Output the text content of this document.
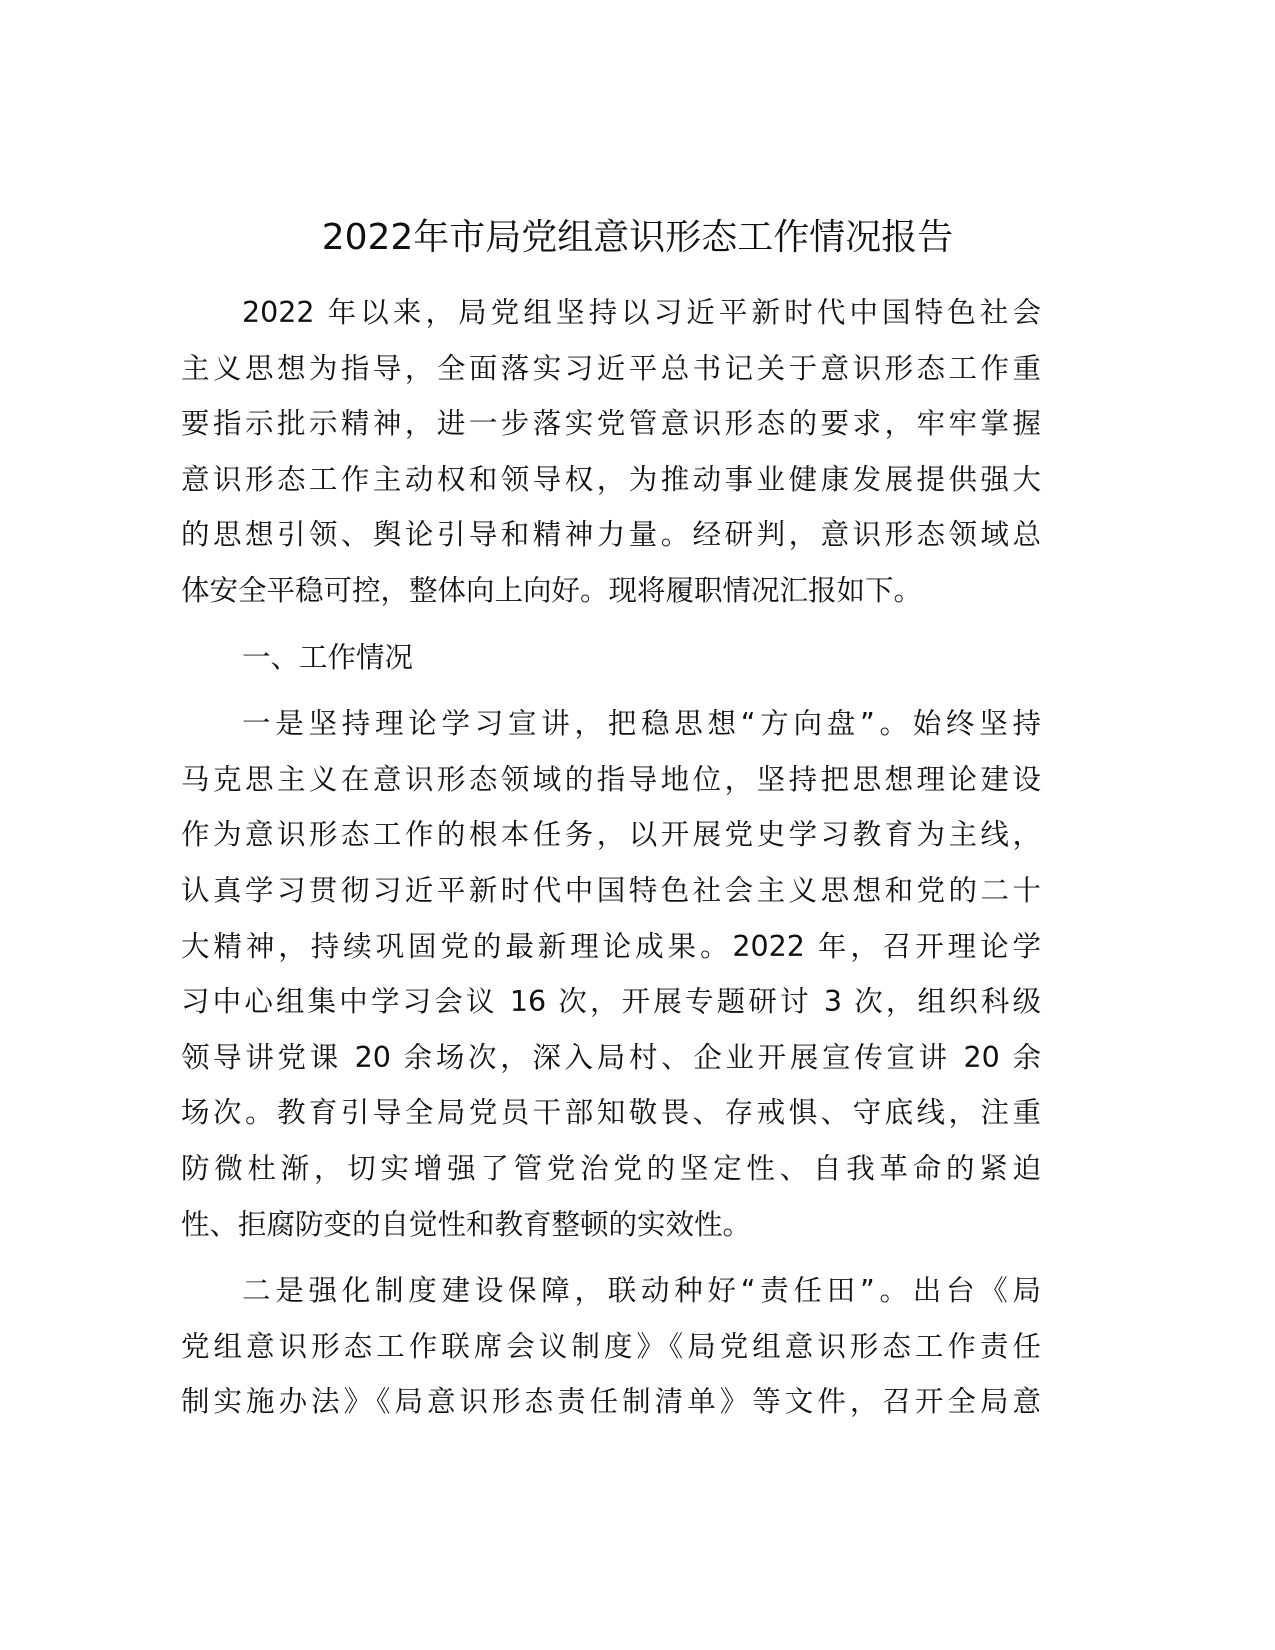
2022年市局党组意识形态工作情况报告
2022 年以来，局党组坚持以习近平新时代中国特色社会
主义思想为指导，全面落实习近平总书记关于意识形态工作重
要指示批示精神，进一步落实党管意识形态的要求，牢牢掌握
意识形态工作主动权和领导权，为推动事业健康发展提供强大
的思想引领、舆论引导和精神力量。经研判，意识形态领域总
体安全平稳可控，整体向上向好。现将履职情况汇报如下。
一、工作情况
一是坚持理论学习宣讲，把稳思想“方向盘”。始终坚持
马克思主义在意识形态领域的指导地位，坚持把思想理论建设
作为意识形态工作的根本任务，以开展党史学习教育为主线，
认真学习贯彻习近平新时代中国特色社会主义思想和党的二十
大精神，持续巩固党的最新理论成果。2022 年，召开理论学
习中心组集中学习会议 16 次，开展专题研讨 3 次，组织科级
领导讲党课 20 余场次，深入局村、企业开展宣传宣讲 20 余
场次。教育引导全局党员干部知敬畏、存戒惧、守底线，注重
防微杜渐，切实增强了管党治党的坚定性、自我革命的紧迫
性、拒腐防变的自觉性和教育整顿的实效性。
二是强化制度建设保障，联动种好“责任田”。出台《局
党组意识形态工作联席会议制度》《局党组意识形态工作责任
制实施办法》《局意识形态责任制清单》等文件，召开全局意
